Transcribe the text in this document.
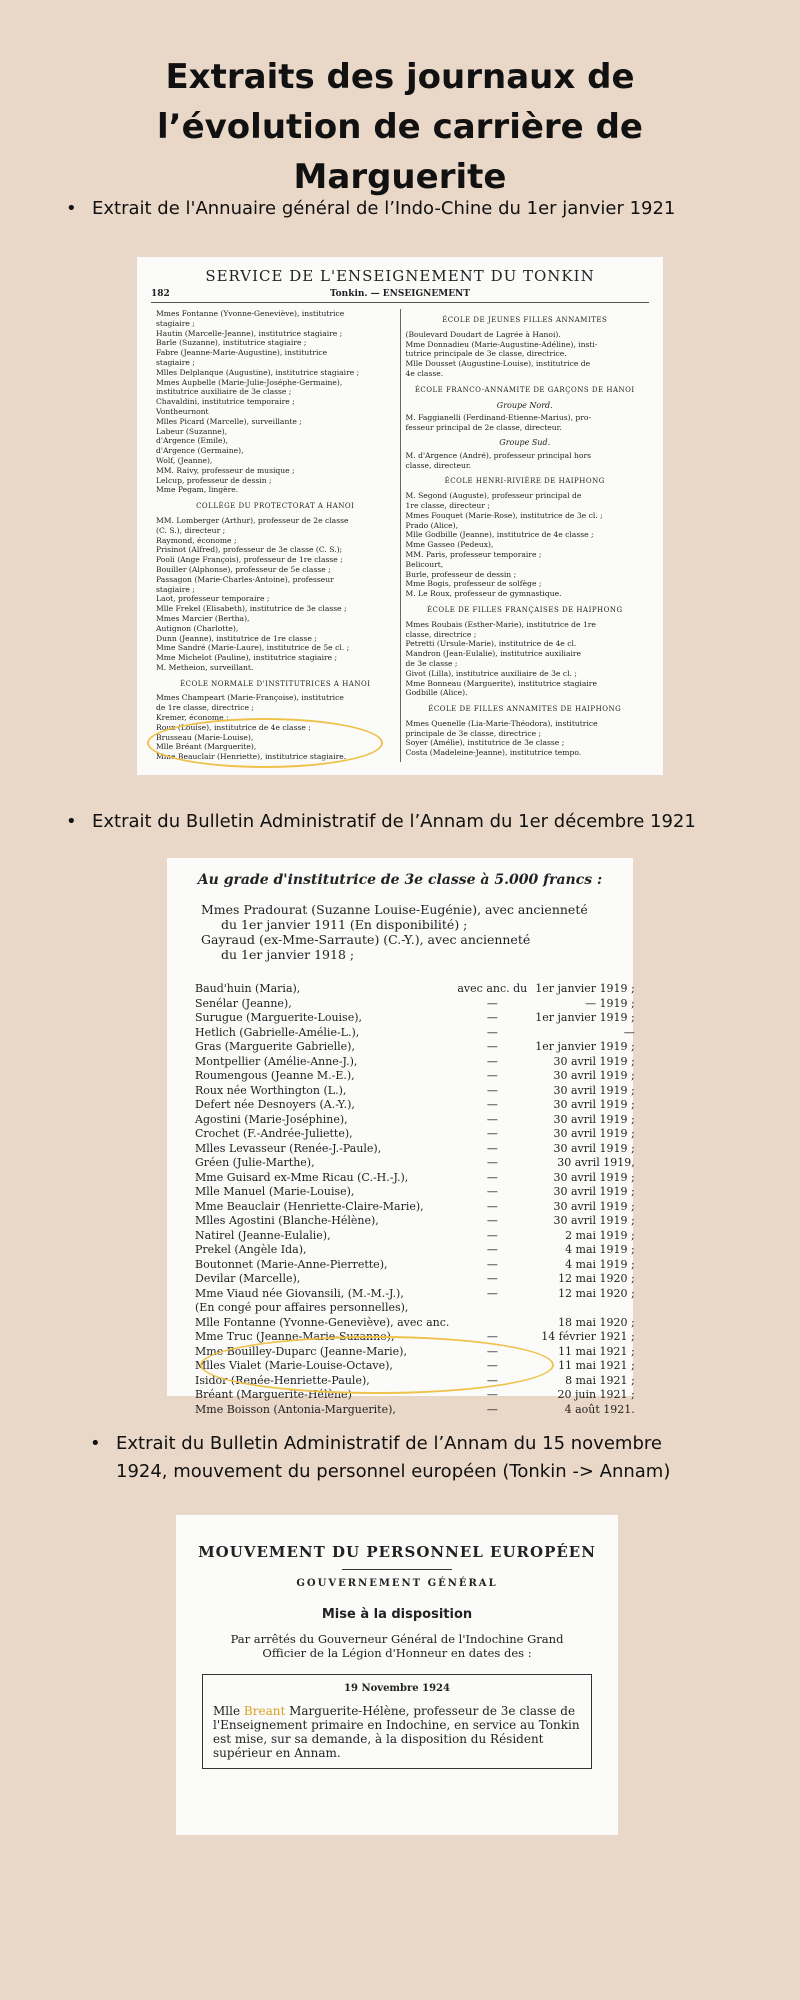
Extraits des journaux de l’évolution de carrière de Marguerite
• Extrait de l'Annuaire général de l’Indo-Chine du 1er janvier 1921
SERVICE DE L'ENSEIGNEMENT DU TONKIN
182	Tonkin. — ENSEIGNEMENT
Mmes Fontanne (Yvonne-Geneviève), institutrice
stagiaire ;
Hautin (Marcelle-Jeanne), institutrice stagiaire ;
Barle (Suzanne), institutrice stagiaire ;
Fabre (Jeanne-Marie-Augustine), institutrice
stagiaire ;
Mlles Delplanque (Augustine), institutrice stagiaire ;
Mmes Aupbelle (Marie-Julie-Joséphe-Germaine),
institutrice auxiliaire de 3e classe ;
Chavaldini, institutrice temporaire ;
Vontheurnont
Mlles Picard (Marcelle), surveillante ;
Labeur (Suzanne),
d'Argence (Emile),
d'Argence (Germaine),
Wolf, (Jeanne),
MM. Raivy, professeur de musique ;
Lelcup, professeur de dessin ;
Mme Pegam, lingère.
COLLÈGE DU PROTECTORAT A HANOI
MM. Lomberger (Arthur), professeur de 2e classe
(C. S.), directeur ;
Raymond, économe ;
Prisinot (Alfred), professeur de 3e classe (C. S.);
Pooli (Ange François), professeur de 1re classe ;
Bouiller (Alphonse), professeur de 5e classe ;
Passagon (Marie-Charles-Antoine), professeur
stagiaire ;
Laot, professeur temporaire ;
Mlle Frekel (Elisabeth), institutrice de 3e classe ;
Mmes Marcier (Bertha),
Autignon (Charlotte),
Dunn (Jeanne), institutrice de 1re classe ;
Mme Sandré (Marie-Laure), institutrice de 5e cl. ;
Mme Michelot (Pauline), institutrice stagiaire ;
M. Metheion, surveillant.
ÉCOLE NORMALE D'INSTITUTRICES A HANOI
Mmes Champeart (Marie-Françoise), institutrice
de 1re classe, directrice ;
Kremer, économe ;
Roux (Louise), institutrice de 4e classe ;
Brusseau (Marie-Louise),
Mlle Bréant (Marguerite),
Mme Beauclair (Henriette), institutrice stagiaire.
ÉCOLE DE JEUNES FILLES ANNAMITES
(Boulevard Doudart de Lagrée à Hanoi).
Mme Donnadieu (Marie-Augustine-Adéline), insti-
tutrice principale de 3e classe, directrice.
Mlle Dousset (Augustine-Louise), institutrice de
4e classe.
ÉCOLE FRANCO-ANNAMITE DE GARÇONS DE HANOI
Groupe Nord.
M. Faggianelli (Ferdinand-Etienne-Marius), pro-
fesseur principal de 2e classe, directeur.
Groupe Sud.
M. d'Argence (André), professeur principal hors
classe, directeur.
ÉCOLE HENRI-RIVIÈRE DE HAIPHONG
M. Segond (Auguste), professeur principal de
1re classe, directeur ;
Mmes Fouquet (Marie-Rose), institutrice de 3e cl. ;
Prado (Alice),
Mlle Godbille (Jeanne), institutrice de 4e classe ;
Mme Gasseo (Pedeux),
MM. Paris, professeur temporaire ;
Belicourt,
Burle, professeur de dessin ;
Mme Bogis, professeur de solfège ;
M. Le Roux, professeur de gymnastique.
ÉCOLE DE FILLES FRANÇAISES DE HAIPHONG
Mmes Roubais (Esther-Marie), institutrice de 1re
classe, directrice ;
Petretti (Ursule-Marie), institutrice de 4e cl.
Mandron (Jean-Eulalie), institutrice auxiliaire
de 3e classe ;
Givot (Lilla), institutrice auxiliaire de 3e cl. ;
Mme Bonneau (Marguerite), institutrice stagiaire
Godbille (Alice).
ÉCOLE DE FILLES ANNAMITES DE HAIPHONG
Mmes Quenelle (Lia-Marie-Théodora), institutrice
principale de 3e classe, directrice ;
Soyer (Amélie), institutrice de 3e classe ;
Costa (Madeleine-Jeanne), institutrice tempo.
• Extrait du Bulletin Administratif de l’Annam du 1er décembre 1921
Au grade d'institutrice de 3e classe à 5.000 francs :
Mmes Pradourat (Suzanne Louise-Eugénie), avec ancienneté
du 1er janvier 1911 (En disponibilité) ;
Gayraud (ex-Mme-Sarraute) (C.-Y.), avec ancienneté
du 1er janvier 1918 ;
Baud'huin (Maria),	avec anc. du	1er janvier 1919 ;
Senélar (Jeanne),	—	— 1919 ;
Surugue (Marguerite-Louise),	—	1er janvier 1919 ;
Hetlich (Gabrielle-Amélie-L.),	—	—
Gras (Marguerite Gabrielle),	—	1er janvier 1919 ;
Montpellier (Amélie-Anne-J.),	—	30 avril 1919 ;
Roumengous (Jeanne M.-E.),	—	30 avril 1919 ;
Roux née Worthington (L.),	—	30 avril 1919 ;
Defert née Desnoyers (A.-Y.),	—	30 avril 1919 ;
Agostini (Marie-Joséphine),	—	30 avril 1919 ;
Crochet (F.-Andrée-Juliette),	—	30 avril 1919 ;
Mlles Levasseur (Renée-J.-Paule),	—	30 avril 1919 ;
Gréen (Julie-Marthe),	—	30 avril 1919,
Mme Guisard ex-Mme Ricau (C.-H.-J.),	—	30 avril 1919 ;
Mlle Manuel (Marie-Louise),	—	30 avril 1919 ;
Mme Beauclair (Henriette-Claire-Marie),	—	30 avril 1919 ;
Mlles Agostini (Blanche-Hélène),	—	30 avril 1919 ;
Natirel (Jeanne-Eulalie),	—	2 mai 1919 ;
Prekel (Angèle Ida),	—	4 mai 1919 ;
Boutonnet (Marie-Anne-Pierrette),	—	4 mai 1919 ;
Devilar (Marcelle),	—	12 mai 1920 ;
Mme Viaud née Giovansili, (M.-M.-J.),	—	12 mai 1920 ;
(En congé pour affaires personnelles),		
Mlle Fontanne (Yvonne-Geneviève), avec anc.		18 mai 1920 ;
Mme Truc (Jeanne-Marie-Suzanne),	—	14 février 1921 ;
Mme Bouilley-Duparc (Jeanne-Marie),	—	11 mai 1921 ;
Mlles Vialet (Marie-Louise-Octave),	—	11 mai 1921 ;
Isidor (Renée-Henriette-Paule),	—	8 mai 1921 ;
Bréant (Marguerite-Hélène)	—	20 juin 1921 ;
Mme Boisson (Antonia-Marguerite),	—	4 août 1921.
• Extrait du Bulletin Administratif de l’Annam du 15 novembre 1924, mouvement du personnel européen (Tonkin -> Annam)
MOUVEMENT DU PERSONNEL EUROPÉEN
GOUVERNEMENT GÉNÉRAL
Mise à la disposition
Par arrêtés du Gouverneur Général de l'Indochine Grand
Officier de la Légion d'Honneur en dates des :
19 Novembre 1924
Mlle Breant Marguerite-Hélène, professeur de 3e classe de l'Enseignement primaire en Indochine, en service au Tonkin est mise, sur sa demande, à la disposition du Résident supérieur en Annam.
